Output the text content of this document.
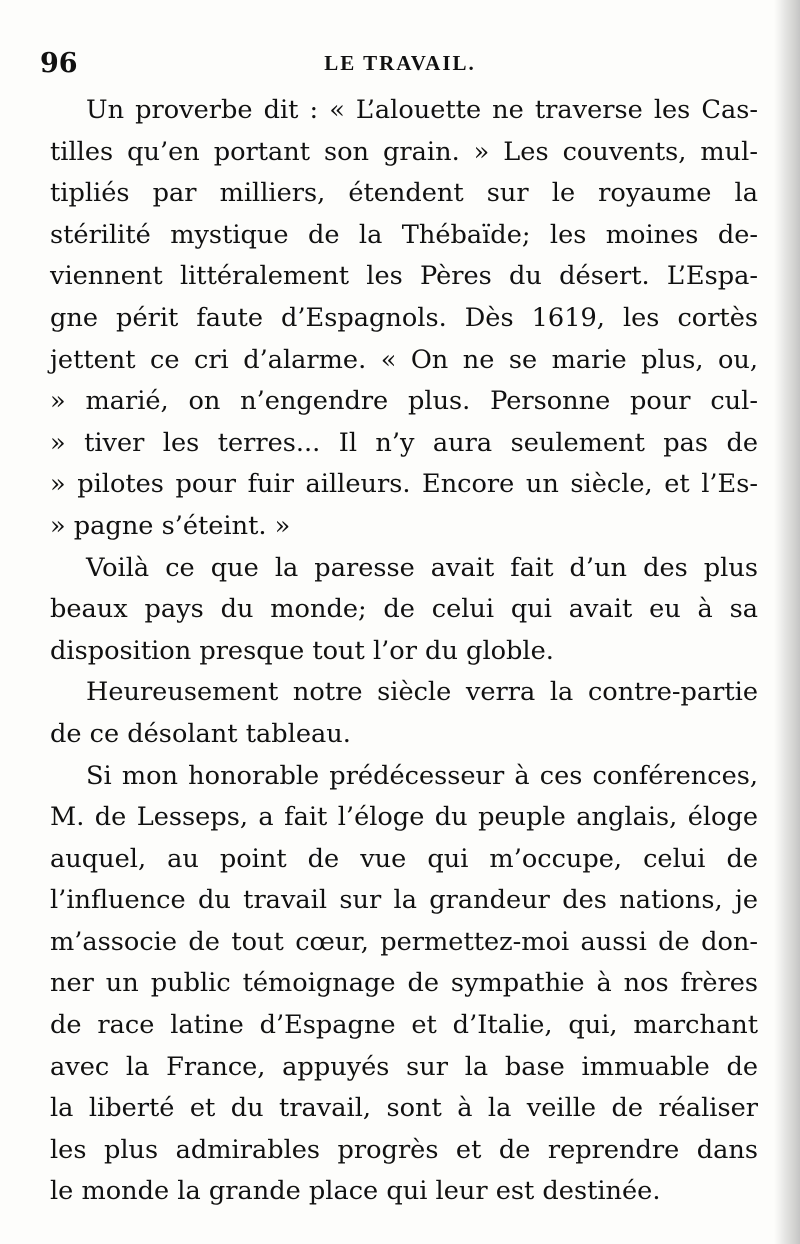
96	LE TRAVAIL.
Un proverbe dit : « L’alouette ne traverse les Cas-
tilles qu’en portant son grain. » Les couvents, mul-
tipliés par milliers, étendent sur le royaume la
stérilité mystique de la Thébaïde; les moines de-
viennent littéralement les Pères du désert. L’Espa-
gne périt faute d’Espagnols. Dès 1619, les cortès
jettent ce cri d’alarme. « On ne se marie plus, ou,
» marié, on n’engendre plus. Personne pour cul-
» tiver les terres... Il n’y aura seulement pas de
» pilotes pour fuir ailleurs. Encore un siècle, et l’Es-
» pagne s’éteint. »
Voilà ce que la paresse avait fait d’un des plus
beaux pays du monde; de celui qui avait eu à sa
disposition presque tout l’or du globle.
Heureusement notre siècle verra la contre-partie
de ce désolant tableau.
Si mon honorable prédécesseur à ces conférences,
M. de Lesseps, a fait l’éloge du peuple anglais, éloge
auquel, au point de vue qui m’occupe, celui de
l’influence du travail sur la grandeur des nations, je
m’associe de tout cœur, permettez-moi aussi de don-
ner un public témoignage de sympathie à nos frères
de race latine d’Espagne et d’Italie, qui, marchant
avec la France, appuyés sur la base immuable de
la liberté et du travail, sont à la veille de réaliser
les plus admirables progrès et de reprendre dans
le monde la grande place qui leur est destinée.
